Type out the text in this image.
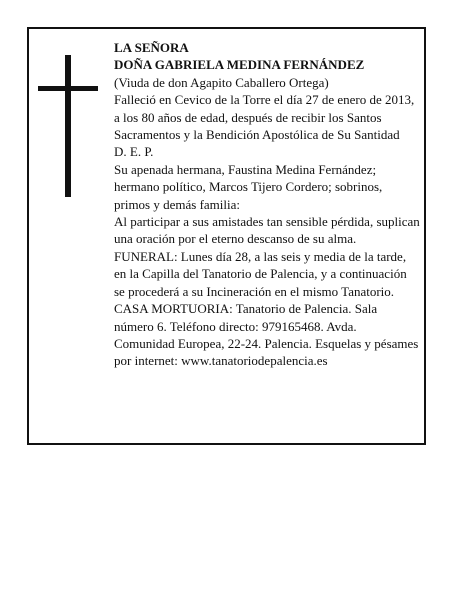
LA SEÑORA

DOÑA GABRIELA MEDINA FERNÁNDEZ

(Viuda de don Agapito Caballero Ortega)

Falleció en Cevico de la Torre el día 27 de enero de 2013, a los 80 años de edad, después de recibir los Santos Sacramentos y la Bendición Apostólica de Su Santidad

D. E. P.

Su apenada hermana, Faustina Medina Fernández; hermano político, Marcos Tijero Cordero; sobrinos, primos y demás familia:

Al participar a sus amistades tan sensible pérdida, suplican una oración por el eterno descanso de su alma.

FUNERAL: Lunes día 28, a las seis y media de la tarde, en la Capilla del Tanatorio de Palencia, y a continuación se procederá a su Incineración en el mismo Tanatorio.

CASA MORTUORIA: Tanatorio de Palencia. Sala número 6. Teléfono directo: 979165468. Avda. Comunidad Europea, 22-24. Palencia. Esquelas y pésames por internet: www.tanatoriodepalencia.es
